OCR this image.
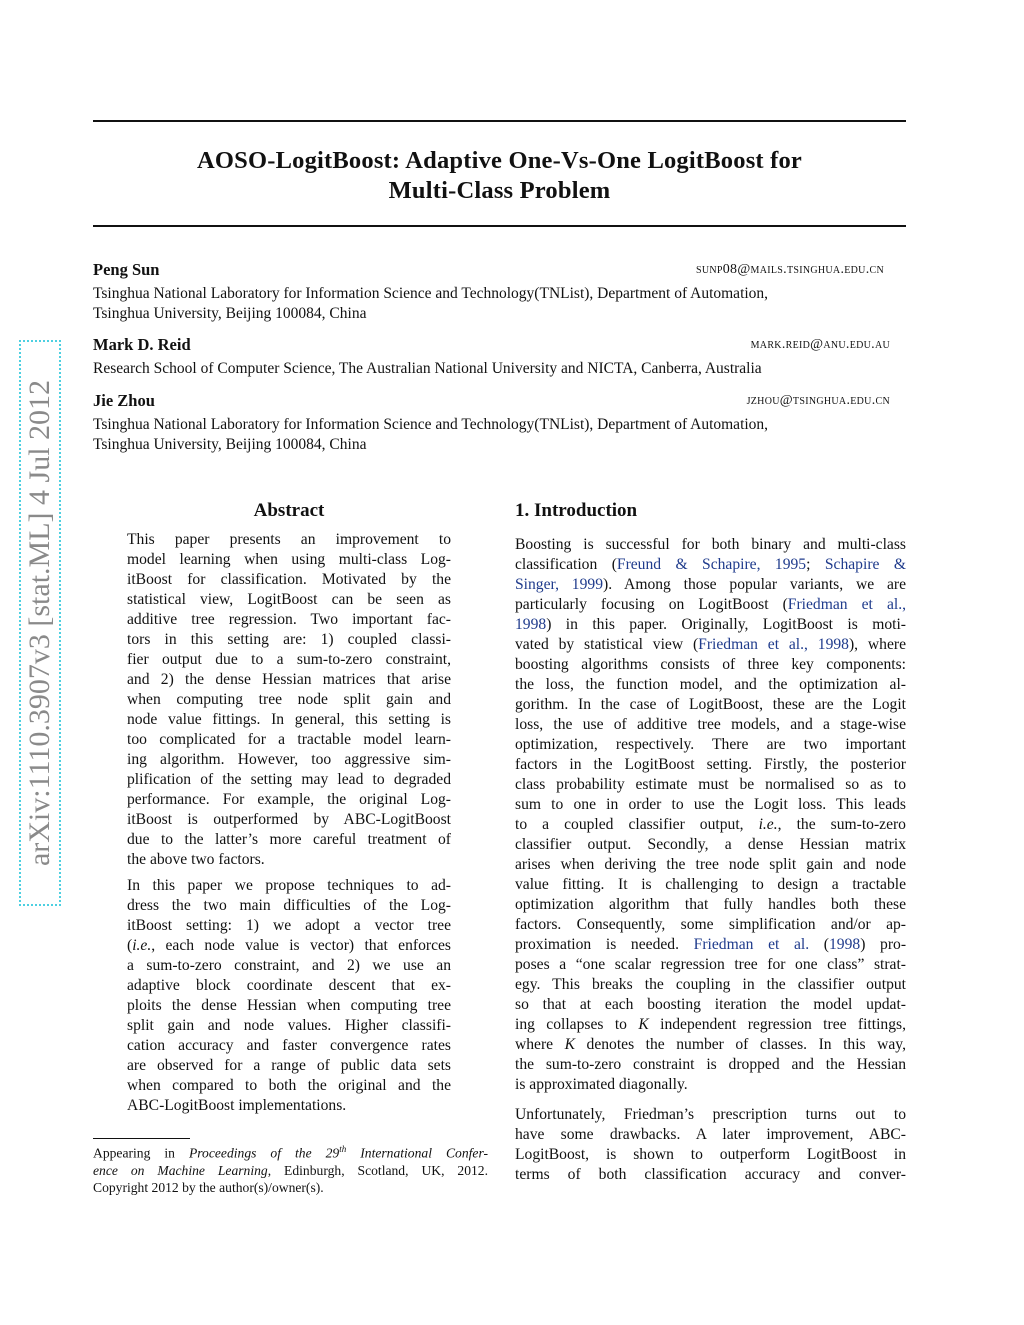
arXiv:1110.3907v3 [stat.ML] 4 Jul 2012
AOSO-LogitBoost: Adaptive One-Vs-One LogitBoost for
Multi-Class Problem
Peng Sun	sunp08@mails.tsinghua.edu.cn
Tsinghua National Laboratory for Information Science and Technology(TNList), Department of Automation,
Tsinghua University, Beijing 100084, China
Mark D. Reid	mark.reid@anu.edu.au
Research School of Computer Science, The Australian National University and NICTA, Canberra, Australia
Jie Zhou	jzhou@tsinghua.edu.cn
Tsinghua National Laboratory for Information Science and Technology(TNList), Department of Automation,
Tsinghua University, Beijing 100084, China
Abstract
This paper presents an improvement to
model learning when using multi-class Log-
itBoost for classification. Motivated by the
statistical view, LogitBoost can be seen as
additive tree regression. Two important fac-
tors in this setting are: 1) coupled classi-
fier output due to a sum-to-zero constraint,
and 2) the dense Hessian matrices that arise
when computing tree node split gain and
node value fittings. In general, this setting is
too complicated for a tractable model learn-
ing algorithm. However, too aggressive sim-
plification of the setting may lead to degraded
performance. For example, the original Log-
itBoost is outperformed by ABC-LogitBoost
due to the latter’s more careful treatment of
the above two factors.
In this paper we propose techniques to ad-
dress the two main difficulties of the Log-
itBoost setting: 1) we adopt a vector tree
(i.e., each node value is vector) that enforces
a sum-to-zero constraint, and 2) we use an
adaptive block coordinate descent that ex-
ploits the dense Hessian when computing tree
split gain and node values. Higher classifi-
cation accuracy and faster convergence rates
are observed for a range of public data sets
when compared to both the original and the
ABC-LogitBoost implementations.
1. Introduction
Boosting is successful for both binary and multi-class
classification (Freund & Schapire, 1995; Schapire &
Singer, 1999). Among those popular variants, we are
particularly focusing on LogitBoost (Friedman et al.,
1998) in this paper. Originally, LogitBoost is moti-
vated by statistical view (Friedman et al., 1998), where
boosting algorithms consists of three key components:
the loss, the function model, and the optimization al-
gorithm. In the case of LogitBoost, these are the Logit
loss, the use of additive tree models, and a stage-wise
optimization, respectively. There are two important
factors in the LogitBoost setting. Firstly, the posterior
class probability estimate must be normalised so as to
sum to one in order to use the Logit loss. This leads
to a coupled classifier output, i.e., the sum-to-zero
classifier output. Secondly, a dense Hessian matrix
arises when deriving the tree node split gain and node
value fitting. It is challenging to design a tractable
optimization algorithm that fully handles both these
factors. Consequently, some simplification and/or ap-
proximation is needed. Friedman et al. (1998) pro-
poses a “one scalar regression tree for one class” strat-
egy. This breaks the coupling in the classifier output
so that at each boosting iteration the model updat-
ing collapses to K independent regression tree fittings,
where K denotes the number of classes. In this way,
the sum-to-zero constraint is dropped and the Hessian
is approximated diagonally.
Unfortunately, Friedman’s prescription turns out to
have some drawbacks. A later improvement, ABC-
LogitBoost, is shown to outperform LogitBoost in
terms of both classification accuracy and conver-
Appearing in Proceedings of the 29th International Confer-
ence on Machine Learning, Edinburgh, Scotland, UK, 2012.
Copyright 2012 by the author(s)/owner(s).
